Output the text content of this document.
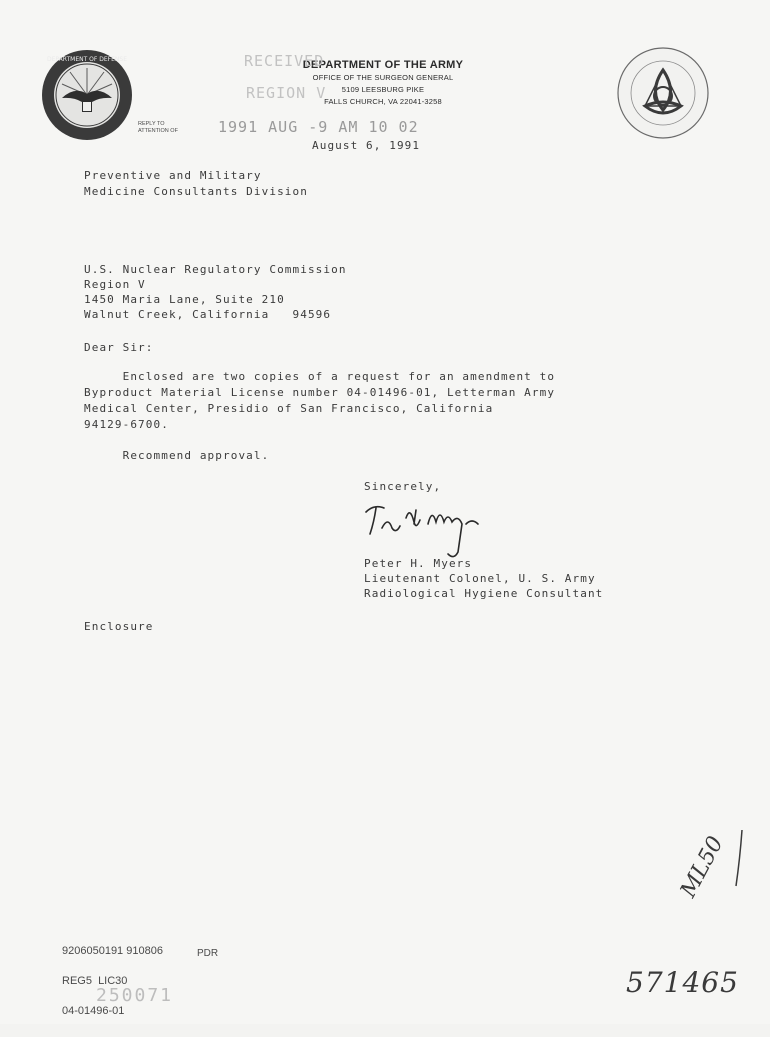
DEPARTMENT OF DEFENSE	DEPARTMENT OF THE ARMY
OFFICE OF THE SURGEON GENERAL
5109 LEESBURG PIKE
FALLS CHURCH, VA 22041-3258
RECEIVED
REGION V
1991 AUG -9 AM 10 02
REPLY TO
ATTENTION OF
August 6, 1991
Preventive and Military
Medicine Consultants Division
U.S. Nuclear Regulatory Commission
Region V
1450 Maria Lane, Suite 210
Walnut Creek, California   94596
Dear Sir:
Enclosed are two copies of a request for an amendment to
Byproduct Material License number 04-01496-01, Letterman Army
Medical Center, Presidio of San Francisco, California
94129-6700.
Recommend approval.
Sincerely,
Peter H. Myers
Lieutenant Colonel, U. S. Army
Radiological Hygiene Consultant
Enclosure

9206050191 910806

REG5  LIC30

04-01496-01

PDR
250071
ML50
571465
